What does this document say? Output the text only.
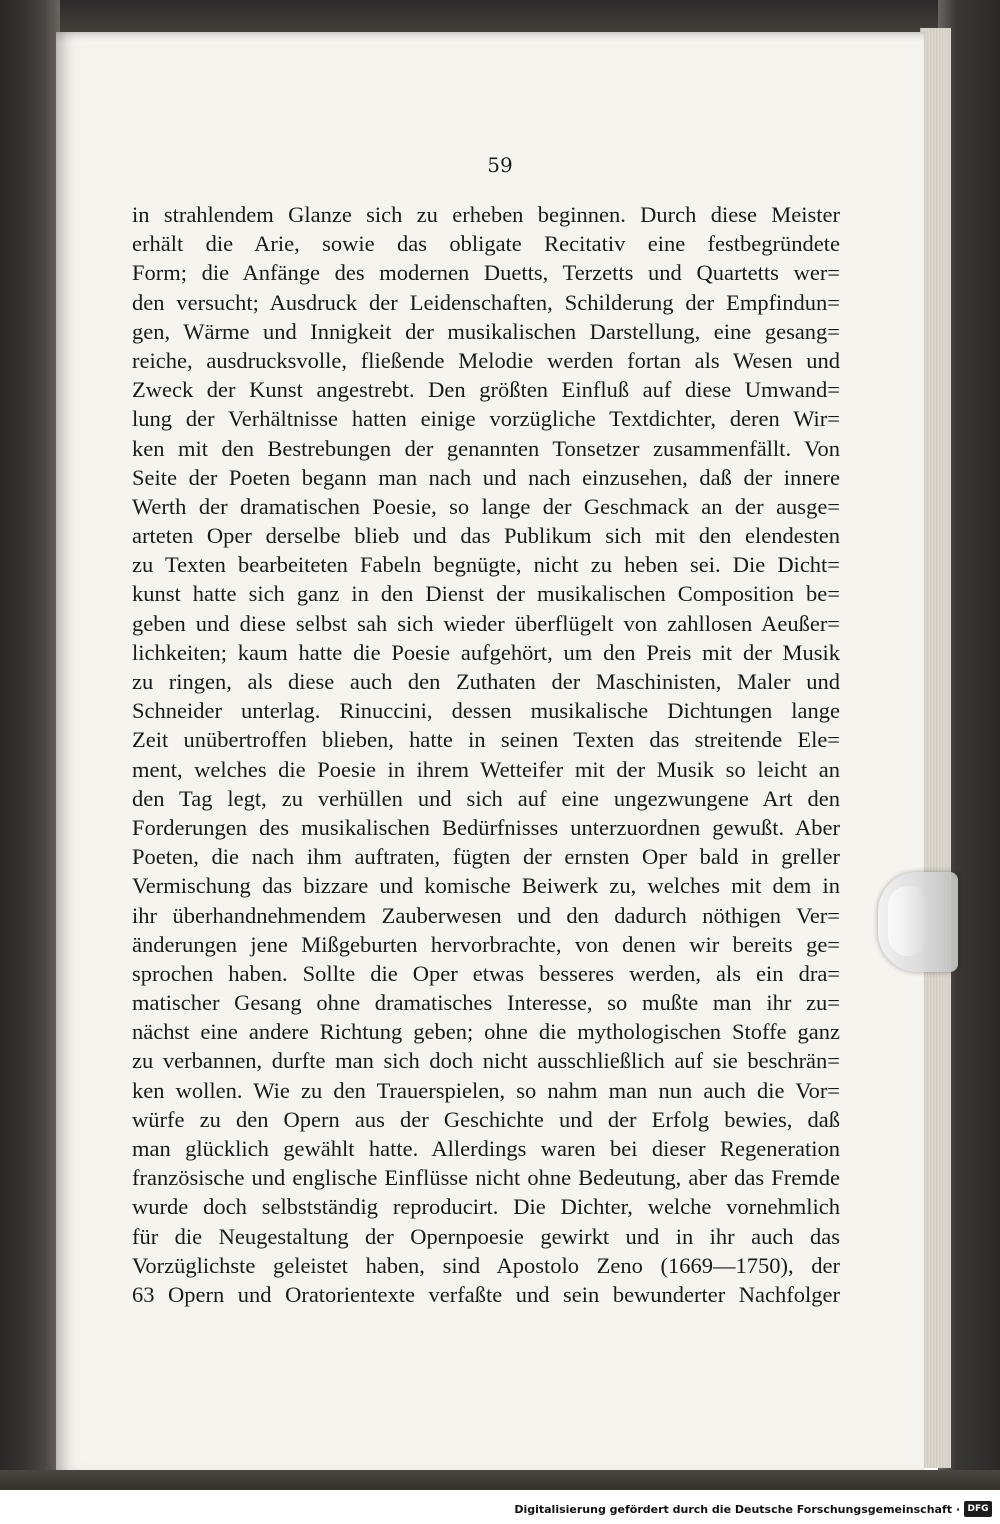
59
in strahlendem Glanze sich zu erheben beginnen. Durch diese Meister
erhält die Arie, sowie das obligate Recitativ eine festbegründete
Form; die Anfänge des modernen Duetts, Terzetts und Quartetts wer=
den versucht; Ausdruck der Leidenschaften, Schilderung der Empfindun=
gen, Wärme und Innigkeit der musikalischen Darstellung, eine gesang=
reiche, ausdrucksvolle, fließende Melodie werden fortan als Wesen und
Zweck der Kunst angestrebt. Den größten Einfluß auf diese Umwand=
lung der Verhältnisse hatten einige vorzügliche Textdichter, deren Wir=
ken mit den Bestrebungen der genannten Tonsetzer zusammenfällt. Von
Seite der Poeten begann man nach und nach einzusehen, daß der innere
Werth der dramatischen Poesie, so lange der Geschmack an der ausge=
arteten Oper derselbe blieb und das Publikum sich mit den elendesten
zu Texten bearbeiteten Fabeln begnügte, nicht zu heben sei. Die Dicht=
kunst hatte sich ganz in den Dienst der musikalischen Composition be=
geben und diese selbst sah sich wieder überflügelt von zahllosen Aeußer=
lichkeiten; kaum hatte die Poesie aufgehört, um den Preis mit der Musik
zu ringen, als diese auch den Zuthaten der Maschinisten, Maler und
Schneider unterlag. Rinuccini, dessen musikalische Dichtungen lange
Zeit unübertroffen blieben, hatte in seinen Texten das streitende Ele=
ment, welches die Poesie in ihrem Wetteifer mit der Musik so leicht an
den Tag legt, zu verhüllen und sich auf eine ungezwungene Art den
Forderungen des musikalischen Bedürfnisses unterzuordnen gewußt. Aber
Poeten, die nach ihm auftraten, fügten der ernsten Oper bald in greller
Vermischung das bizzare und komische Beiwerk zu, welches mit dem in
ihr überhandnehmendem Zauberwesen und den dadurch nöthigen Ver=
änderungen jene Mißgeburten hervorbrachte, von denen wir bereits ge=
sprochen haben. Sollte die Oper etwas besseres werden, als ein dra=
matischer Gesang ohne dramatisches Interesse, so mußte man ihr zu=
nächst eine andere Richtung geben; ohne die mythologischen Stoffe ganz
zu verbannen, durfte man sich doch nicht ausschließlich auf sie beschrän=
ken wollen. Wie zu den Trauerspielen, so nahm man nun auch die Vor=
würfe zu den Opern aus der Geschichte und der Erfolg bewies, daß
man glücklich gewählt hatte. Allerdings waren bei dieser Regeneration
französische und englische Einflüsse nicht ohne Bedeutung, aber das Fremde
wurde doch selbstständig reproducirt. Die Dichter, welche vornehmlich
für die Neugestaltung der Opernpoesie gewirkt und in ihr auch das
Vorzüglichste geleistet haben, sind Apostolo Zeno (1669—1750), der
63 Opern und Oratorientexte verfaßte und sein bewunderter Nachfolger
Digitalisierung gefördert durch die Deutsche Forschungsgemeinschaft · DFG
